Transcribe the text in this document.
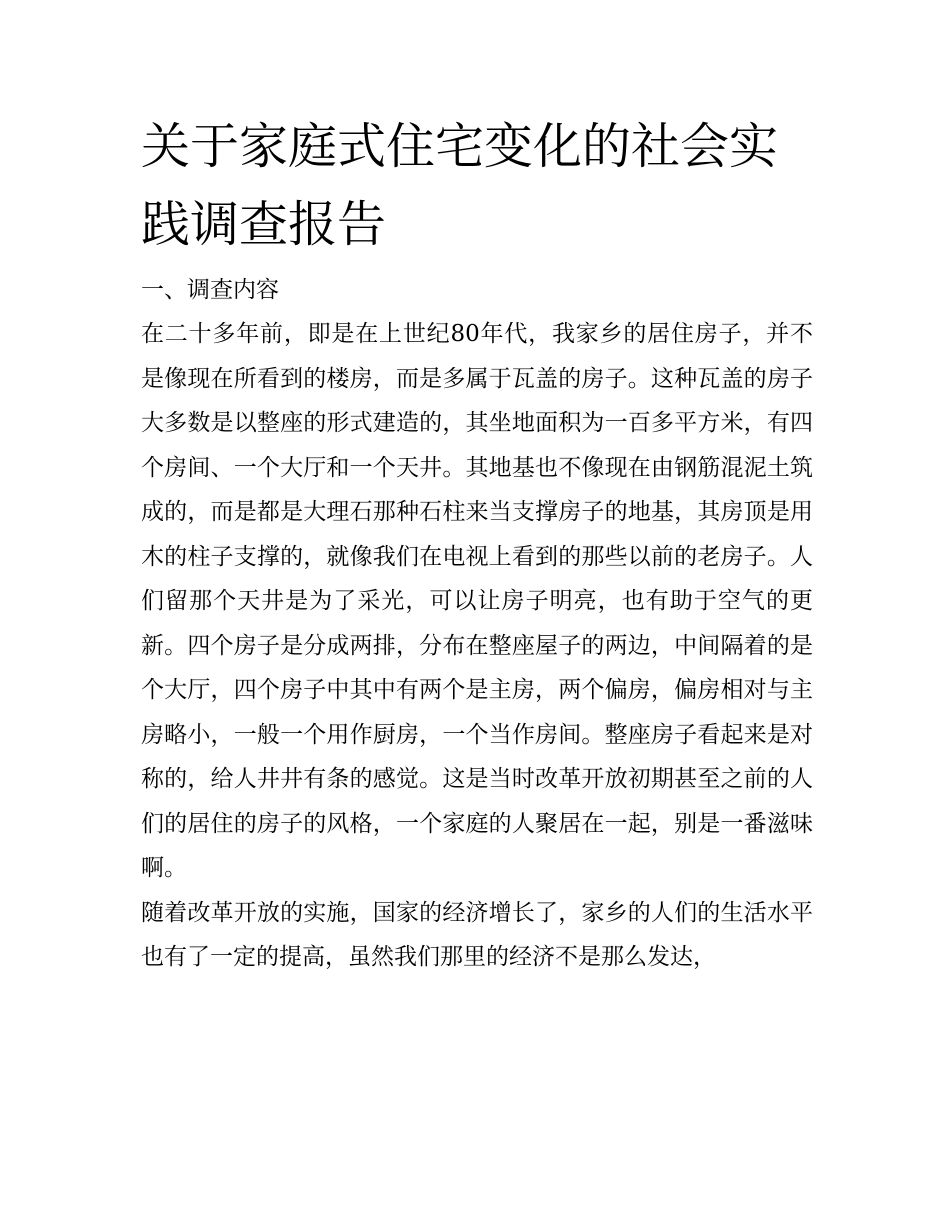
关于家庭式住宅变化的社会实践调查报告
一、调查内容

在二十多年前，即是在上世纪80年代，我家乡的居住房子，并不是像现在所看到的楼房，而是多属于瓦盖的房子。这种瓦盖的房子大多数是以整座的形式建造的，其坐地面积为一百多平方米，有四个房间、一个大厅和一个天井。其地基也不像现在由钢筋混泥土筑成的，而是都是大理石那种石柱来当支撑房子的地基，其房顶是用木的柱子支撑的，就像我们在电视上看到的那些以前的老房子。人们留那个天井是为了采光，可以让房子明亮，也有助于空气的更新。四个房子是分成两排，分布在整座屋子的两边，中间隔着的是个大厅，四个房子中其中有两个是主房，两个偏房，偏房相对与主房略小，一般一个用作厨房，一个当作房间。整座房子看起来是对称的，给人井井有条的感觉。这是当时改革开放初期甚至之前的人们的居住的房子的风格，一个家庭的人聚居在一起，别是一番滋味啊。

随着改革开放的实施，国家的经济增长了，家乡的人们的生活水平也有了一定的提高，虽然我们那里的经济不是那么发达，
